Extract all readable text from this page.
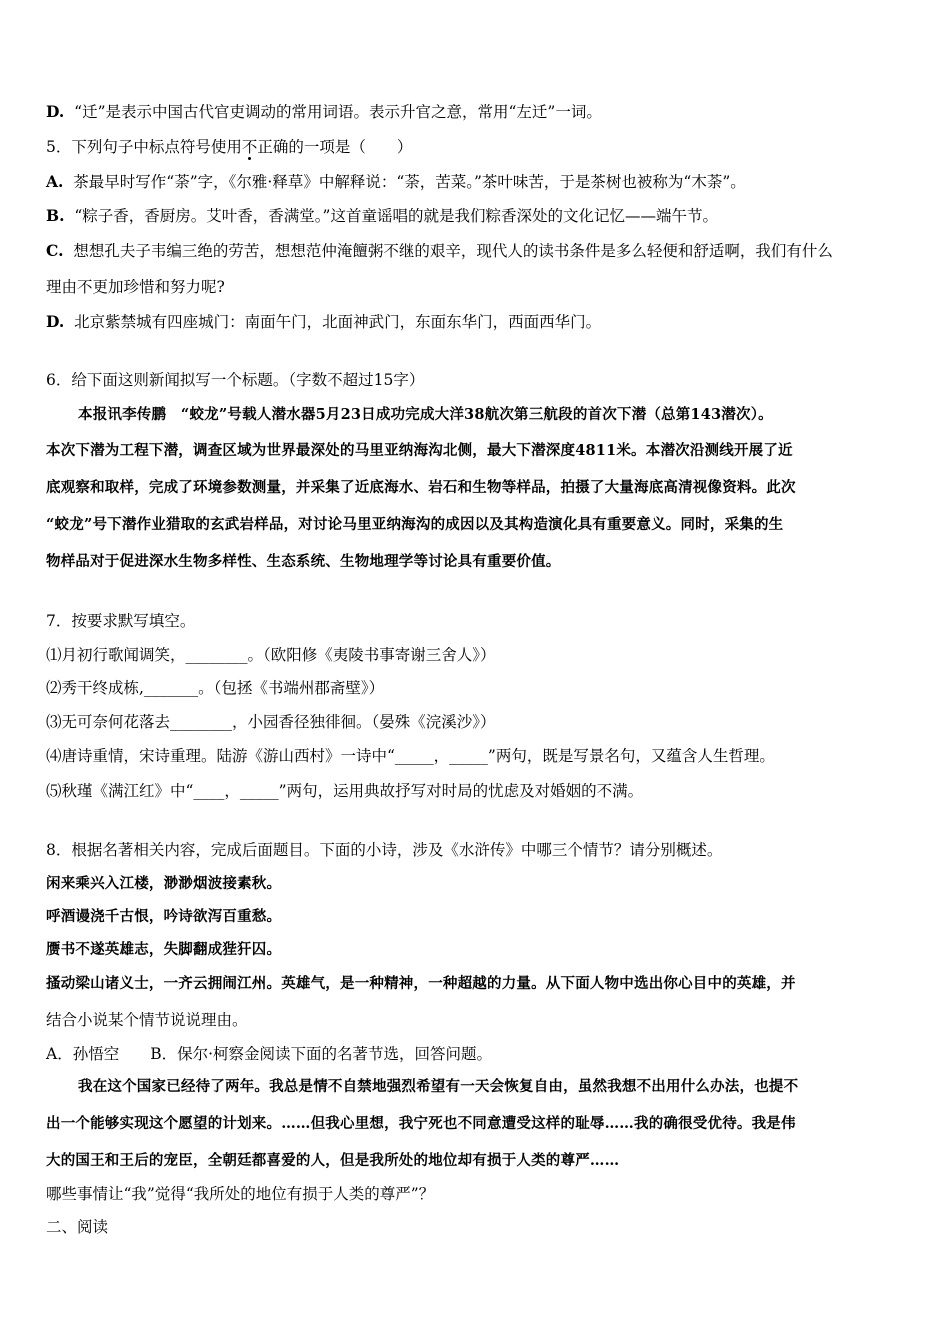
D. “迁”是表示中国古代官吏调动的常用词语。表示升官之意，常用“左迁”一词。
5．下列句子中标点符号使用不正确的一项是（　　）
A. 茶最早时写作“荼”字，《尔雅·释草》中解释说：“荼，苦菜。”茶叶味苦，于是茶树也被称为“木荼”。
B. “粽子香，香厨房。艾叶香，香满堂。”这首童谣唱的就是我们粽香深处的文化记忆——端午节。
C. 想想孔夫子韦编三绝的劳苦，想想范仲淹饘粥不继的艰辛，现代人的读书条件是多么轻便和舒适啊，我们有什么
理由不更加珍惜和努力呢?
D. 北京紫禁城有四座城门：南面午门，北面神武门，东面东华门，西面西华门。
6．给下面这则新闻拟写一个标题。（字数不超过15字）
本报讯李传鹏　“蛟龙”号载人潜水器5月23日成功完成大洋38航次第三航段的首次下潜（总第143潜次）。
本次下潜为工程下潜，调查区域为世界最深处的马里亚纳海沟北侧，最大下潜深度4811米。本潜次沿测线开展了近
底观察和取样，完成了环境参数测量，并采集了近底海水、岩石和生物等样品，拍摄了大量海底高清视像资料。此次
“蛟龙”号下潜作业猎取的玄武岩样品，对讨论马里亚纳海沟的成因以及其构造演化具有重要意义。同时，采集的生
物样品对于促进深水生物多样性、生态系统、生物地理学等讨论具有重要价值。
7．按要求默写填空。
⑴月初行歌闻调笑，________。（欧阳修《夷陵书事寄谢三舍人》）
⑵秀干终成栋,_______。（包拯《书端州郡斋壁》）
⑶无可奈何花落去________，小园香径独徘徊。（晏殊《浣溪沙》）
⑷唐诗重情，宋诗重理。陆游《游山西村》一诗中“_____，_____”两句，既是写景名句，又蕴含人生哲理。
⑸秋瑾《满江红》中“____，_____”两句，运用典故抒写对时局的忧虑及对婚姻的不满。
8．根据名著相关内容，完成后面题目。下面的小诗，涉及《水浒传》中哪三个情节？请分别概述。
闲来乘兴入江楼，渺渺烟波接素秋。
呼酒谩浇千古恨，吟诗欲泻百重愁。
赝书不遂英雄志，失脚翻成狴犴囚。
搔动梁山诸义士，一齐云拥闹江州。英雄气，是一种精神，一种超越的力量。从下面人物中选出你心目中的英雄，并
结合小说某个情节说说理由。
A．孙悟空　　B．保尔·柯察金阅读下面的名著节选，回答问题。
我在这个国家已经待了两年。我总是情不自禁地强烈希望有一天会恢复自由，虽然我想不出用什么办法，也提不
出一个能够实现这个愿望的计划来。……但我心里想，我宁死也不同意遭受这样的耻辱……我的确很受优待。我是伟
大的国王和王后的宠臣，全朝廷都喜爱的人，但是我所处的地位却有损于人类的尊严……
哪些事情让“我”觉得“我所处的地位有损于人类的尊严”？
二、阅读
